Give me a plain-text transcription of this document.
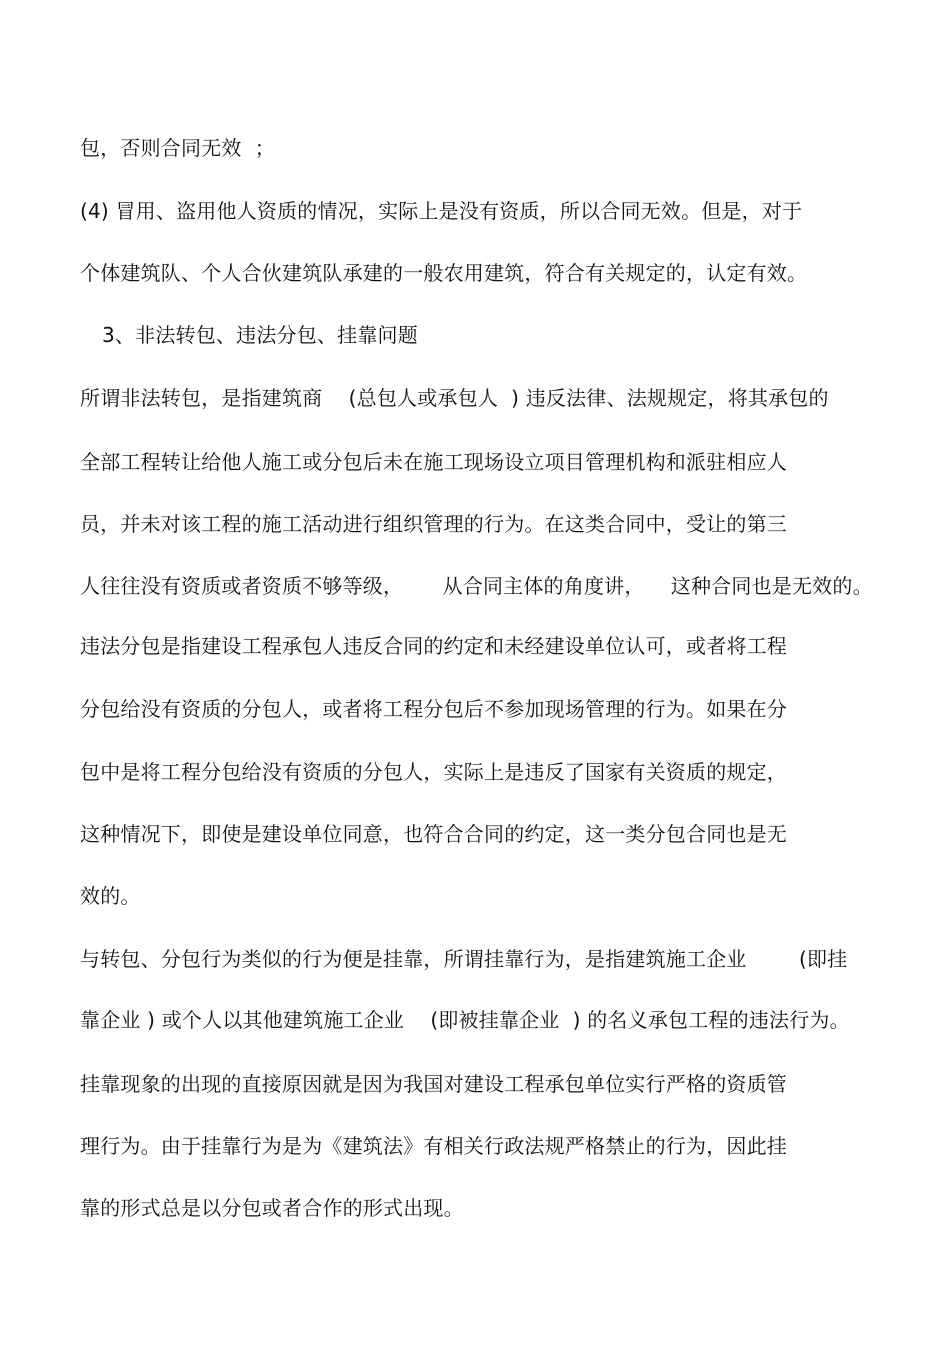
包，否则合同无效  ；
(4) 冒用、盗用他人资质的情况，实际上是没有资质，所以合同无效。但是，对于
个体建筑队、个人合伙建筑队承建的一般农用建筑，符合有关规定的，认定有效。
3、非法转包、违法分包、挂靠问题
所谓非法转包，是指建筑商    (总包人或承包人  ) 违反法律、法规规定，将其承包的
全部工程转让给他人施工或分包后未在施工现场设立项目管理机构和派驻相应人
员，并未对该工程的施工活动进行组织管理的行为。在这类合同中，受让的第三
人往往没有资质或者资质不够等级，      从合同主体的角度讲，    这种合同也是无效的。
违法分包是指建设工程承包人违反合同的约定和未经建设单位认可，或者将工程
分包给没有资质的分包人，或者将工程分包后不参加现场管理的行为。如果在分
包中是将工程分包给没有资质的分包人，实际上是违反了国家有关资质的规定，
这种情况下，即使是建设单位同意，也符合合同的约定，这一类分包合同也是无
效的。
与转包、分包行为类似的行为便是挂靠，所谓挂靠行为，是指建筑施工企业        (即挂
靠企业 ) 或个人以其他建筑施工企业    (即被挂靠企业  ) 的名义承包工程的违法行为。
挂靠现象的出现的直接原因就是因为我国对建设工程承包单位实行严格的资质管
理行为。由于挂靠行为是为《建筑法》有相关行政法规严格禁止的行为，因此挂
靠的形式总是以分包或者合作的形式出现。
